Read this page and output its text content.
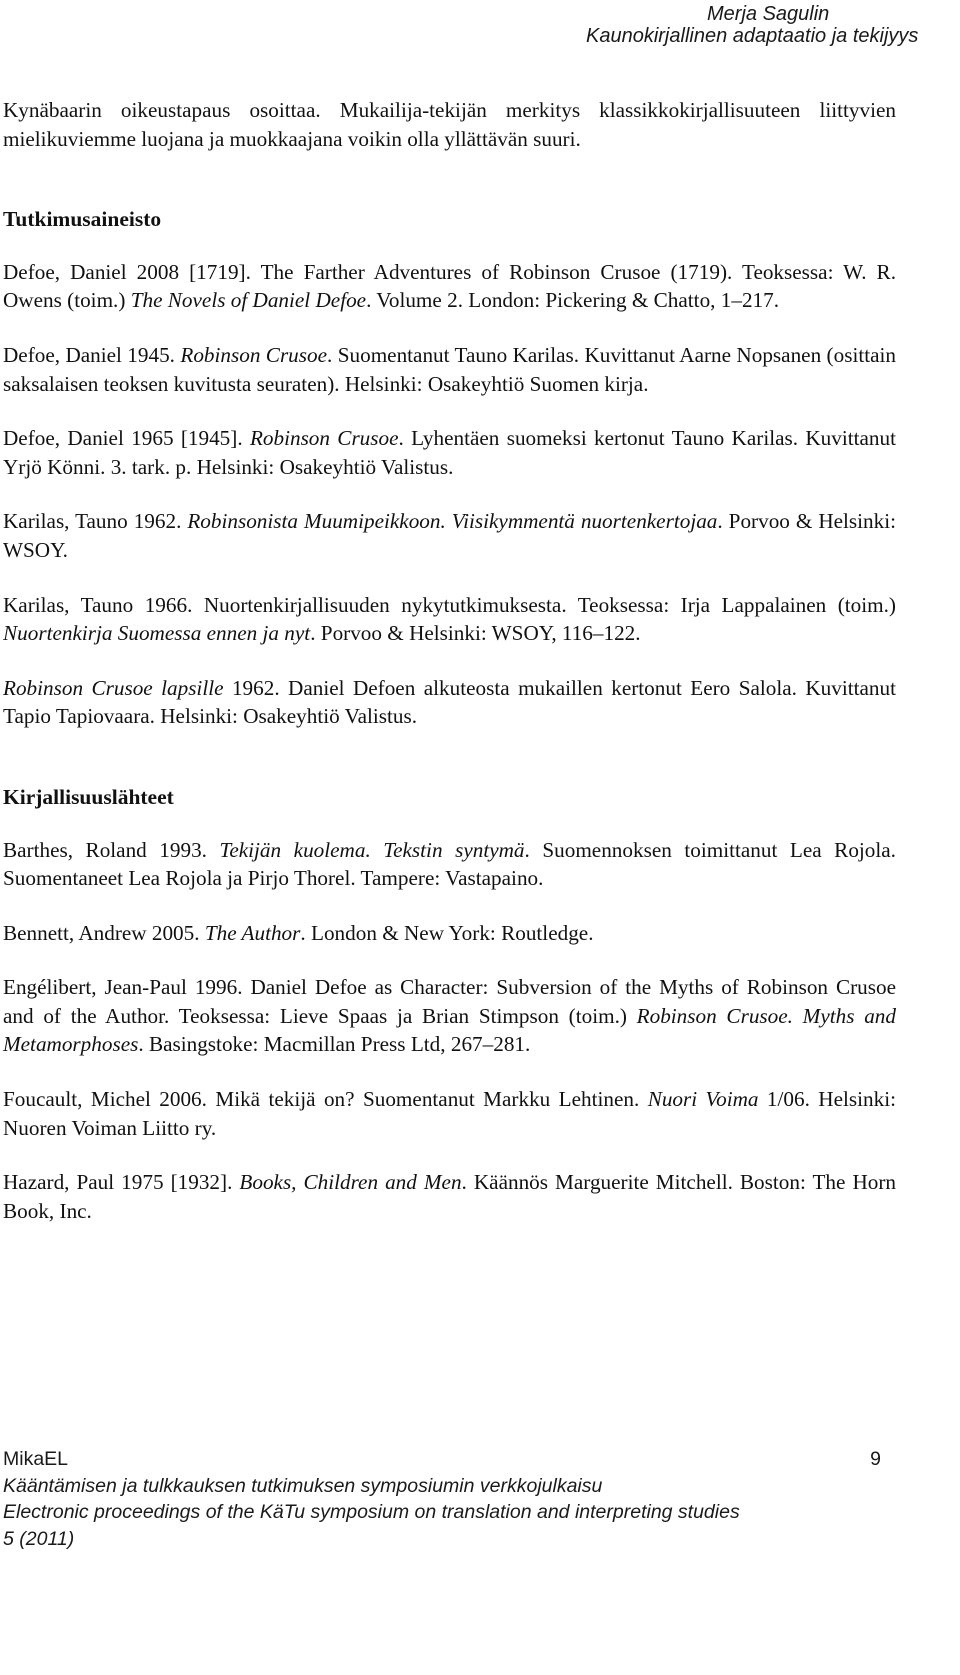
Merja Sagulin
Kaunokirjallinen adaptaatio ja tekijyys

Kynäbaarin oikeustapaus osoittaa. Mukailija-tekijän merkitys klassikkokirjallisuuteen liittyvien mielikuviemme luojana ja muokkaajana voikin olla yllättävän suuri.

Tutkimusaineisto

Defoe, Daniel 2008 [1719]. The Farther Adventures of Robinson Crusoe (1719). Teoksessa: W. R. Owens (toim.) The Novels of Daniel Defoe. Volume 2. London: Pickering & Chatto, 1–217.

Defoe, Daniel 1945. Robinson Crusoe. Suomentanut Tauno Karilas. Kuvittanut Aarne Nopsanen (osittain saksalaisen teoksen kuvitusta seuraten). Helsinki: Osakeyhtiö Suomen kirja.

Defoe, Daniel 1965 [1945]. Robinson Crusoe. Lyhentäen suomeksi kertonut Tauno Karilas. Kuvittanut Yrjö Könni. 3. tark. p. Helsinki: Osakeyhtiö Valistus.

Karilas, Tauno 1962. Robinsonista Muumipeikkoon. Viisikymmentä nuortenkertojaa. Porvoo & Helsinki: WSOY.

Karilas, Tauno 1966. Nuortenkirjallisuuden nykytutkimuksesta. Teoksessa: Irja Lappalainen (toim.) Nuortenkirja Suomessa ennen ja nyt. Porvoo & Helsinki: WSOY, 116–122.

Robinson Crusoe lapsille 1962. Daniel Defoen alkuteosta mukaillen kertonut Eero Salola. Kuvittanut Tapio Tapiovaara. Helsinki: Osakeyhtiö Valistus.

Kirjallisuuslähteet

Barthes, Roland 1993. Tekijän kuolema. Tekstin syntymä. Suomennoksen toimittanut Lea Rojola. Suomentaneet Lea Rojola ja Pirjo Thorel. Tampere: Vastapaino.

Bennett, Andrew 2005. The Author. London & New York: Routledge.

Engélibert, Jean-Paul 1996. Daniel Defoe as Character: Subversion of the Myths of Robinson Crusoe and of the Author. Teoksessa: Lieve Spaas ja Brian Stimpson (toim.) Robinson Crusoe. Myths and Metamorphoses. Basingstoke: Macmillan Press Ltd, 267–281.

Foucault, Michel 2006. Mikä tekijä on? Suomentanut Markku Lehtinen. Nuori Voima 1/06. Helsinki: Nuoren Voiman Liitto ry.

Hazard, Paul 1975 [1932]. Books, Children and Men. Käännös Marguerite Mitchell. Boston: The Horn Book, Inc.

9
MikaEL
Kääntämisen ja tulkkauksen tutkimuksen symposiumin verkkojulkaisu
Electronic proceedings of the KäTu symposium on translation and interpreting studies
5 (2011)
